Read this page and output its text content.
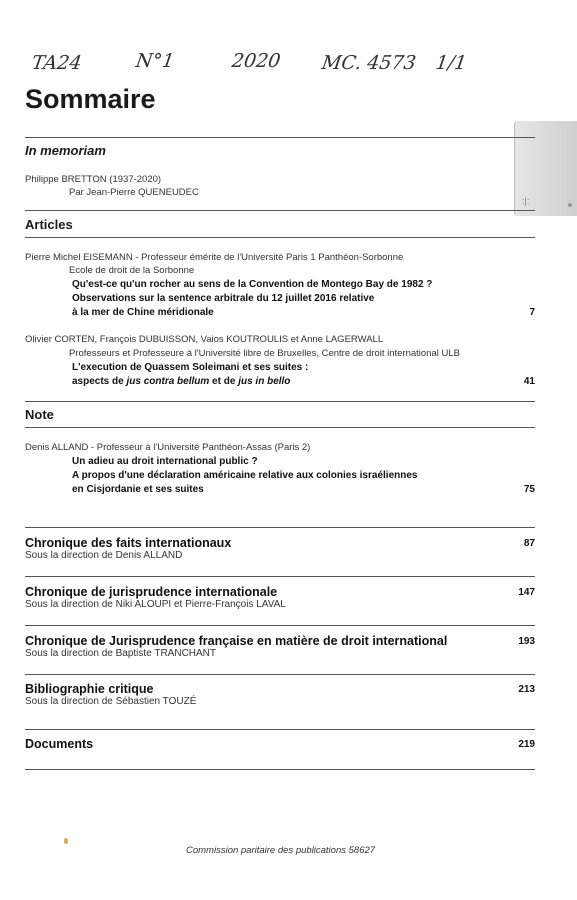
:|:
TA24	N°1	2020 MC. 4573 1/1
Sommaire
In memoriam
Philippe BRETTON (1937-2020)
Par Jean-Pierre QUENEUDEC
Articles
Pierre Michel EISEMANN - Professeur émérite de l'Université Paris 1 Panthéon-Sorbonne
Ecole de droit de la Sorbonne
Qu'est-ce qu'un rocher au sens de la Convention de Montego Bay de 1982 ?
Observations sur la sentence arbitrale du 12 juillet 2016 relative
à la mer de Chine méridionale	7
Olivier CORTEN, François DUBUISSON, Vaios KOUTROULIS et Anne LAGERWALL
Professeurs et Professeure à l'Université libre de Bruxelles, Centre de droit international ULB
L'execution de Quassem Soleimani et ses suites :
aspects de jus contra bellum et de jus in bello	41
Note
Denis ALLAND - Professeur à l'Université Panthéon-Assas (Paris 2)
Un adieu au droit international public ?
A propos d'une déclaration américaine relative aux colonies israéliennes
en Cisjordanie et ses suites	75
Chronique des faits internationaux	87
Sous la direction de Denis ALLAND
Chronique de jurisprudence internationale	147
Sous la direction de Niki ALOUPI et Pierre-François LAVAL
Chronique de Jurisprudence française en matière de droit international	193
Sous la direction de Baptiste TRANCHANT
Bibliographie critique	213
Sous la direction de Sébastien TOUZÉ
Documents	219
Commission paritaire des publications 58627
